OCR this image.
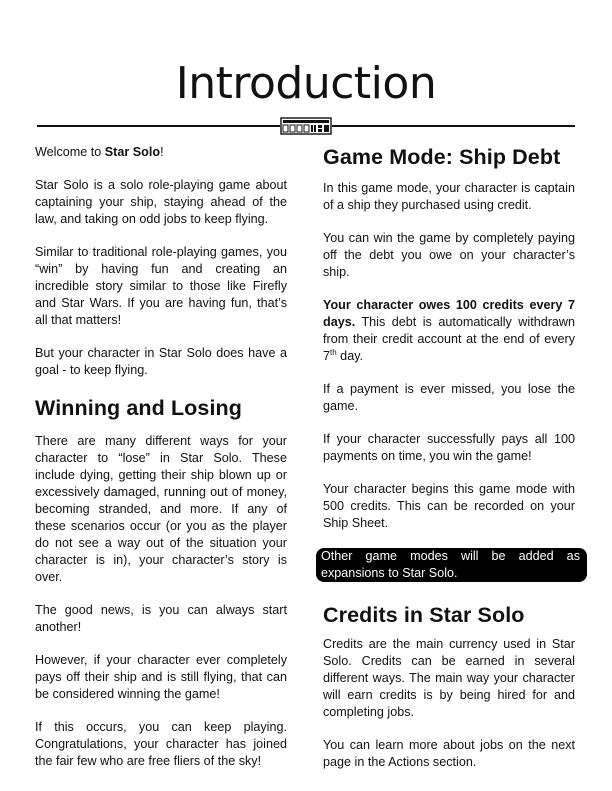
Introduction

Welcome to Star Solo!

Star Solo is a solo role-playing game about captaining your ship, staying ahead of the law, and taking on odd jobs to keep flying.

Similar to traditional role-playing games, you “win” by having fun and creating an incredible story similar to those like Firefly and Star Wars. If you are having fun, that’s all that matters!

But your character in Star Solo does have a goal - to keep flying.

Winning and Losing

There are many different ways for your character to “lose” in Star Solo. These include dying, getting their ship blown up or excessively damaged, running out of money, becoming stranded, and more. If any of these scenarios occur (or you as the player do not see a way out of the situation your character is in), your character’s story is over.

The good news, is you can always start another!

However, if your character ever completely pays off their ship and is still flying, that can be considered winning the game!

If this occurs, you can keep playing. Congratulations, your character has joined the fair few who are free fliers of the sky!

Game Mode: Ship Debt

In this game mode, your character is captain of a ship they purchased using credit.

You can win the game by completely paying off the debt you owe on your character’s ship.

Your character owes 100 credits every 7 days. This debt is automatically withdrawn from their credit account at the end of every 7th day.

If a payment is ever missed, you lose the game.

If your character successfully pays all 100 payments on time, you win the game!

Your character begins this game mode with 500 credits. This can be recorded on your Ship Sheet.

Other game modes will be added as expansions to Star Solo.
Credits in Star Solo

Credits are the main currency used in Star Solo. Credits can be earned in several different ways. The main way your character will earn credits is by being hired for and completing jobs.

You can learn more about jobs on the next page in the Actions section.
